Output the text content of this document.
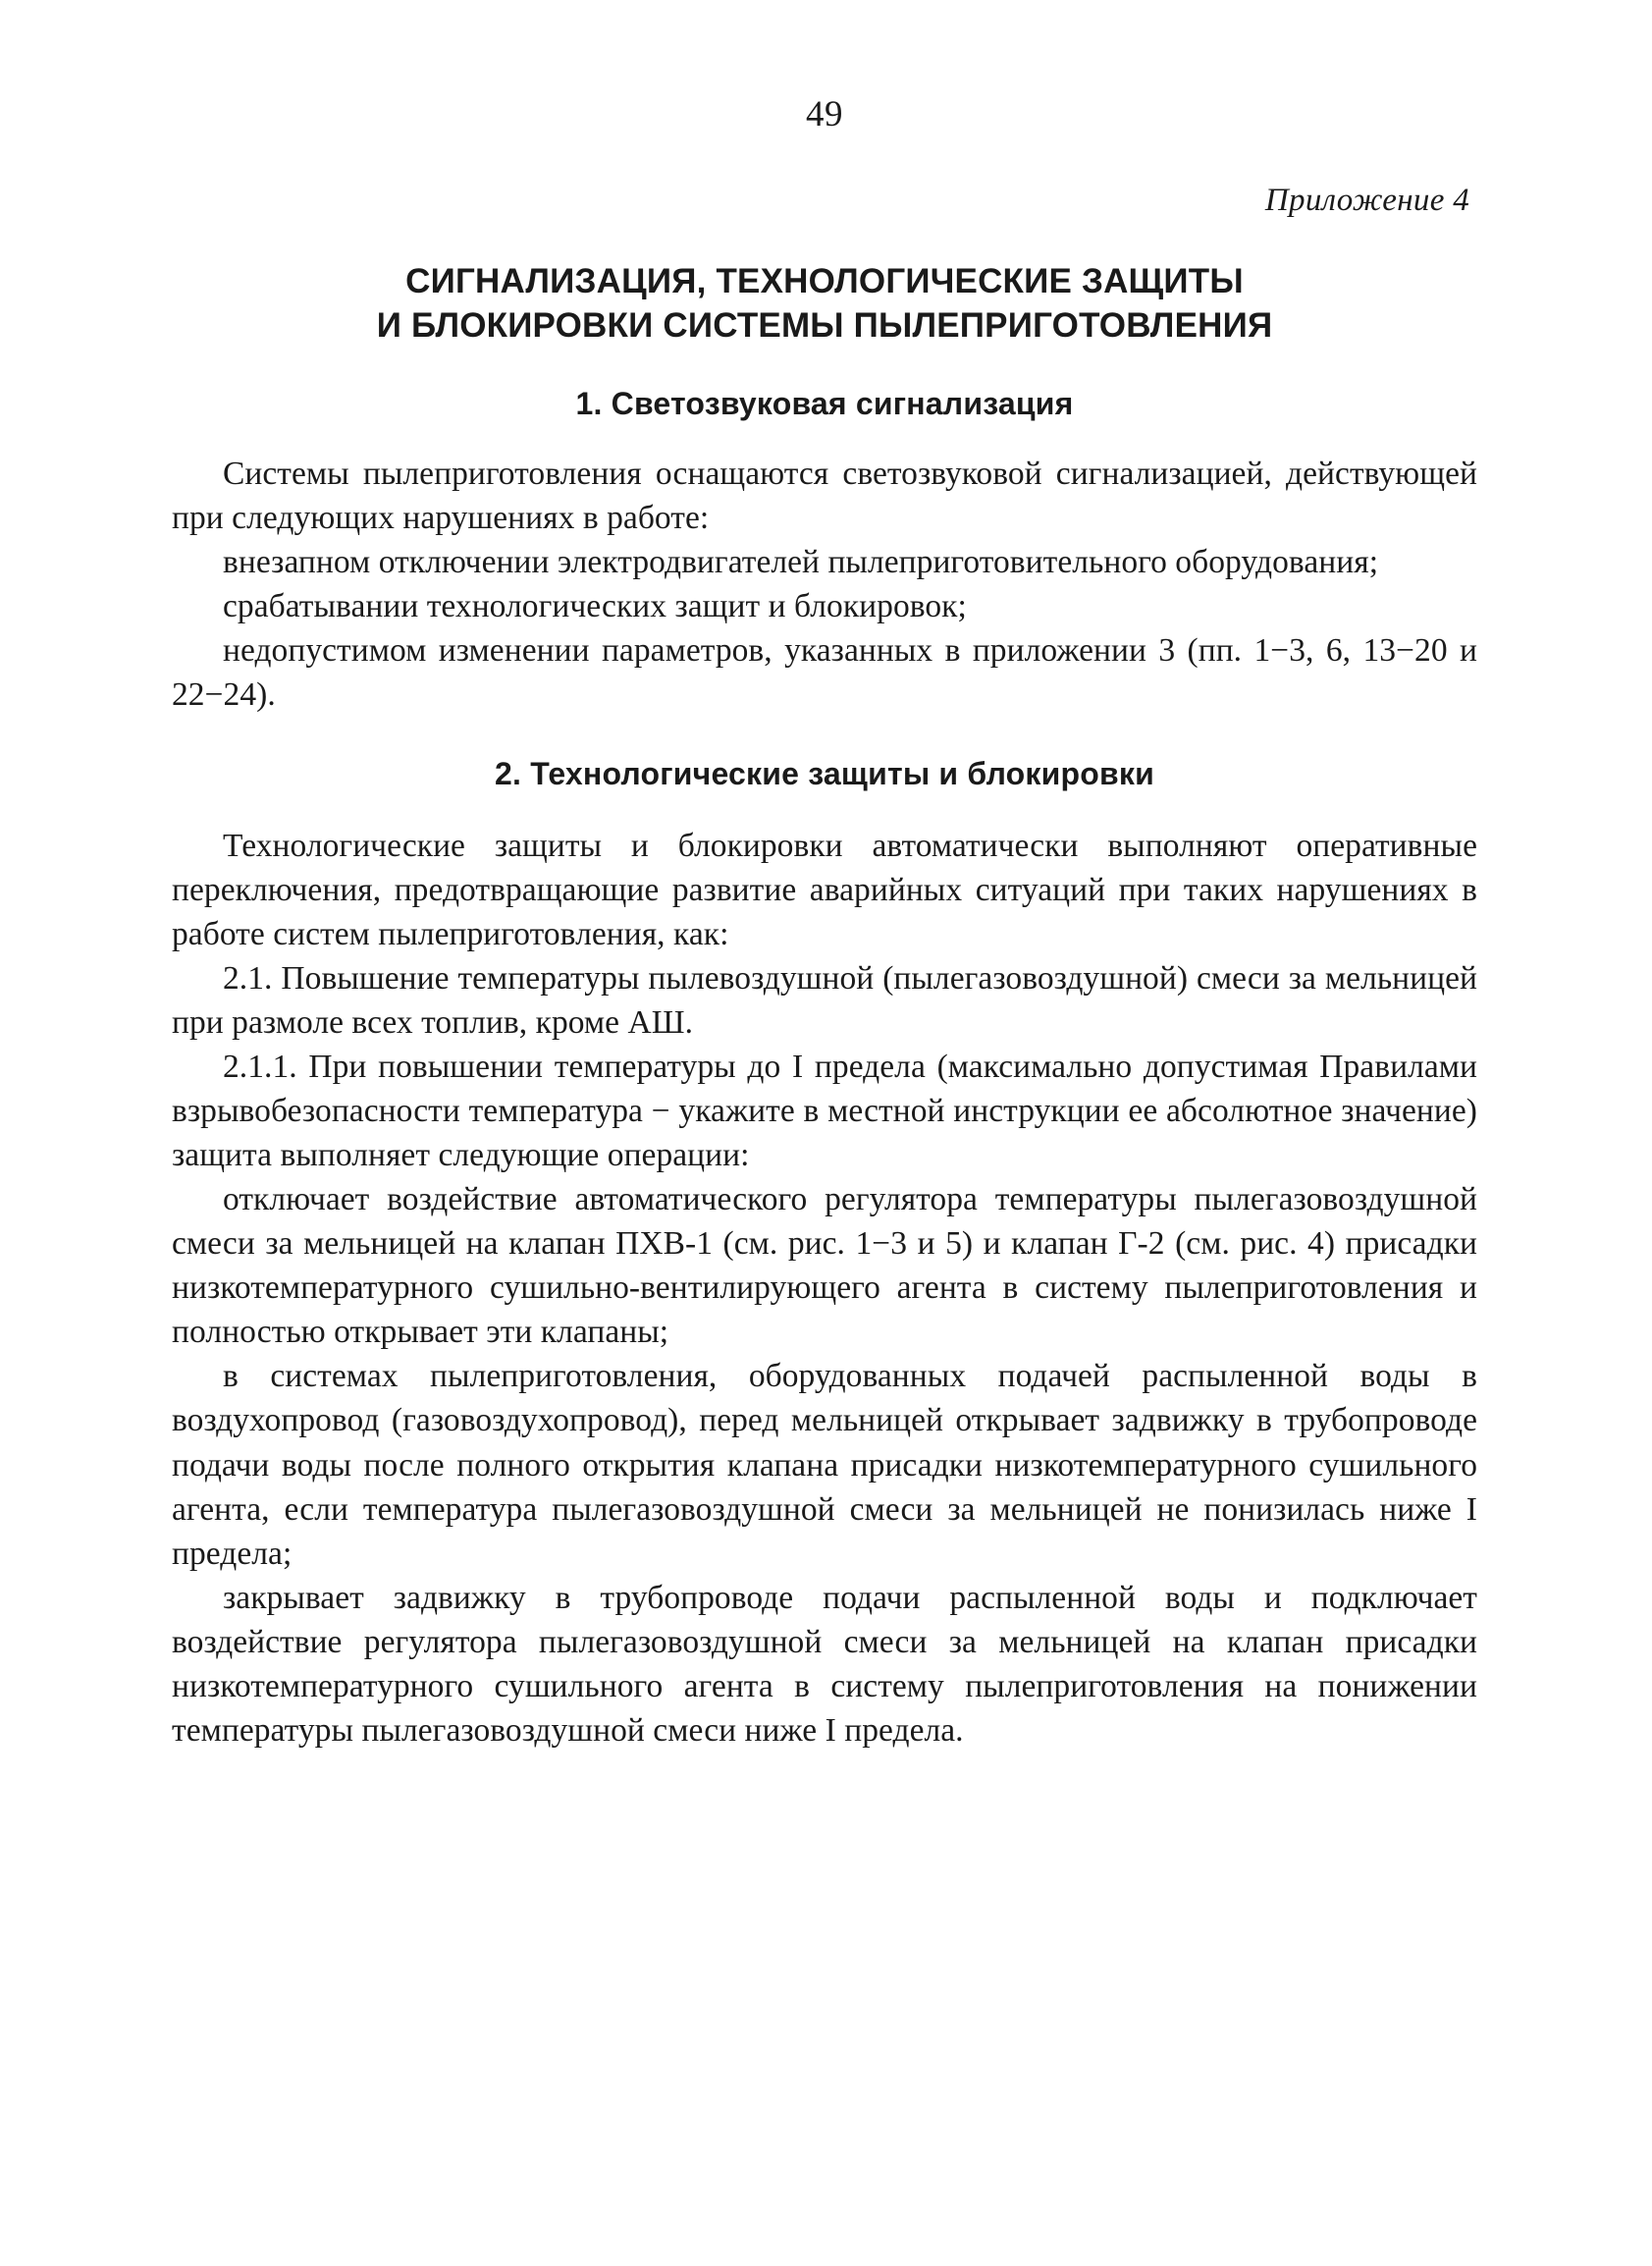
49
Приложение 4
СИГНАЛИЗАЦИЯ, ТЕХНОЛОГИЧЕСКИЕ ЗАЩИТЫ
И БЛОКИРОВКИ СИСТЕМЫ ПЫЛЕПРИГОТОВЛЕНИЯ
1. Светозвуковая сигнализация

Системы пылеприготовления оснащаются светозвуковой сигнализацией, действующей при следующих нарушениях в работе:

внезапном отключении электродвигателей пылеприготовительного оборудования;

срабатывании технологических защит и блокировок;

недопустимом изменении параметров, указанных в приложении 3 (пп. 1−3, 6, 13−20 и 22−24).

2. Технологические защиты и блокировки

Технологические защиты и блокировки автоматически выполняют оперативные переключения, предотвращающие развитие аварийных ситуаций при таких нарушениях в работе систем пылеприготовления, как:

2.1. Повышение температуры пылевоздушной (пылегазовоздушной) смеси за мельницей при размоле всех топлив, кроме АШ.

2.1.1. При повышении температуры до I предела (максимально допустимая Правилами взрывобезопасности температура − укажите в местной инструкции ее абсолютное значение) защита выполняет следующие операции:

отключает воздействие автоматического регулятора температуры пылегазовоздушной смеси за мельницей на клапан ПХВ-1 (см. рис. 1−3 и 5) и клапан Г-2 (см. рис. 4) присадки низкотемпературного сушильно-вентилирующего агента в систему пылеприготовления и полностью открывает эти клапаны;

в системах пылеприготовления, оборудованных подачей распыленной воды в воздухопровод (газовоздухопровод), перед мельницей открывает задвижку в трубопроводе подачи воды после полного открытия клапана присадки низкотемпературного сушильного агента, если температура пылегазовоздушной смеси за мельницей не понизилась ниже I предела;

закрывает задвижку в трубопроводе подачи распыленной воды и подключает воздействие регулятора пылегазовоздушной смеси за мельницей на клапан присадки низкотемпературного сушильного агента в систему пылеприготовления на понижении температуры пылегазовоздушной смеси ниже I предела.
